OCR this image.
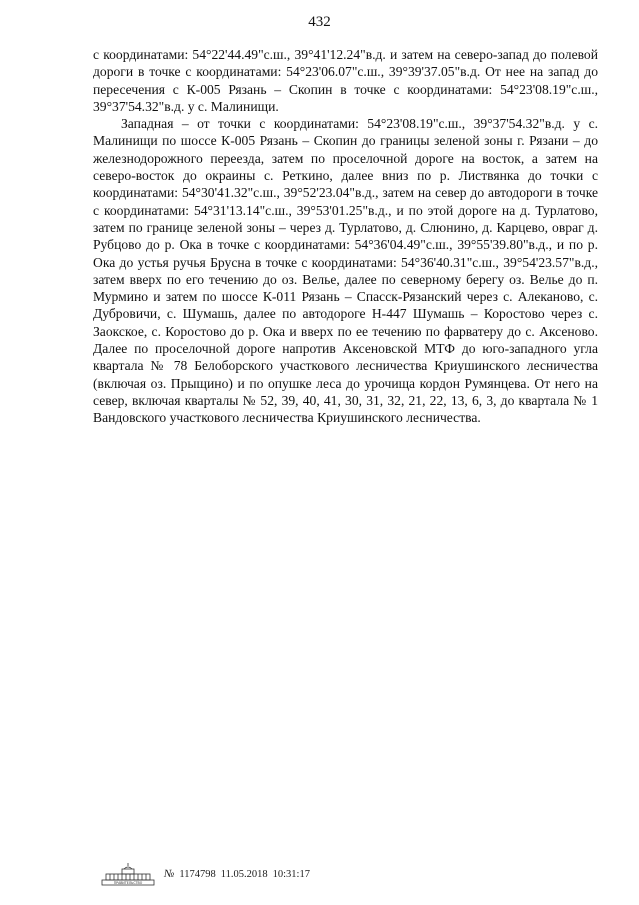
432

с координатами: 54°22'44.49"с.ш., 39°41'12.24"в.д. и затем на северо-запад до полевой дороги в точке с координатами: 54°23'06.07"с.ш., 39°39'37.05"в.д. От нее на запад до пересечения с К-005 Рязань – Скопин в точке с координатами: 54°23'08.19"с.ш., 39°37'54.32"в.д. у с. Малинищи.

Западная – от точки с координатами: 54°23'08.19"с.ш., 39°37'54.32"в.д. у с. Малинищи по шоссе К-005 Рязань – Скопин до границы зеленой зоны г. Рязани – до железнодорожного переезда, затем по проселочной дороге на восток, а затем на северо-восток до окраины с. Реткино, далее вниз по р. Листвянка до точки с координатами: 54°30'41.32"с.ш., 39°52'23.04"в.д., затем на север до автодороги в точке с координатами: 54°31'13.14"с.ш., 39°53'01.25"в.д., и по этой дороге на д. Турлатово, затем по границе зеленой зоны – через д. Турлатово, д. Слюнино, д. Карцево, овраг д. Рубцово до р. Ока в точке с координатами: 54°36'04.49"с.ш., 39°55'39.80"в.д., и по р. Ока до устья ручья Брусна в точке с координатами: 54°36'40.31"с.ш., 39°54'23.57"в.д., затем вверх по его течению до оз. Велье, далее по северному берегу оз. Велье до п. Мурмино и затем по шоссе К-011 Рязань – Спасск-Рязанский через с. Алеканово, с. Дубровичи, с. Шумашь, далее по автодороге Н-447 Шумашь – Коростово через с. Заокское, с. Коростово до р. Ока и вверх по ее течению по фарватеру до с. Аксеново. Далее по проселочной дороге напротив Аксеновской МТФ до юго-западного угла квартала № 78 Белоборского участкового лесничества Криушинского лесничества (включая оз. Прыщино) и по опушке леса до урочища кордон Румянцева. От него на север, включая кварталы № 52, 39, 40, 41, 30, 31, 32, 21, 22, 13, 6, 3, до квартала № 1 Вандовского участкового лесничества Криушинского лесничества.

ПРАВИТЕЛЬСТВО
№ 1174798 11.05.2018 10:31:17
